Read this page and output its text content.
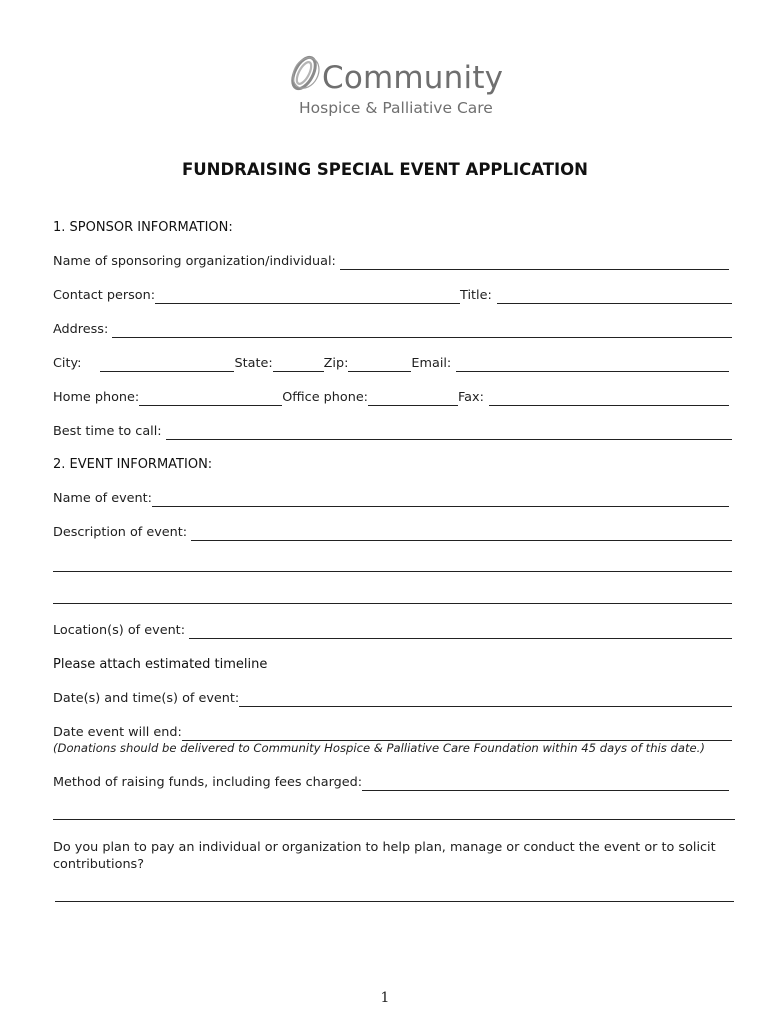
Community
Hospice & Palliative Care
FUNDRAISING SPECIAL EVENT APPLICATION
1. SPONSOR INFORMATION:
Name of sponsoring organization/individual:
Contact person:	Title:
Address:
City:	State:	Zip:	Email:
Home phone:	Office phone:	Fax:
Best time to call:
2. EVENT INFORMATION:
Name of event:
Description of event:
Location(s) of event:
Please attach estimated timeline
Date(s) and time(s) of event:
Date event will end:
(Donations should be delivered to Community Hospice & Palliative Care Foundation within 45 days of this date.)
Method of raising funds, including fees charged:
Do you plan to pay an individual or organization to help plan, manage or conduct the event or to solicit contributions?
1
